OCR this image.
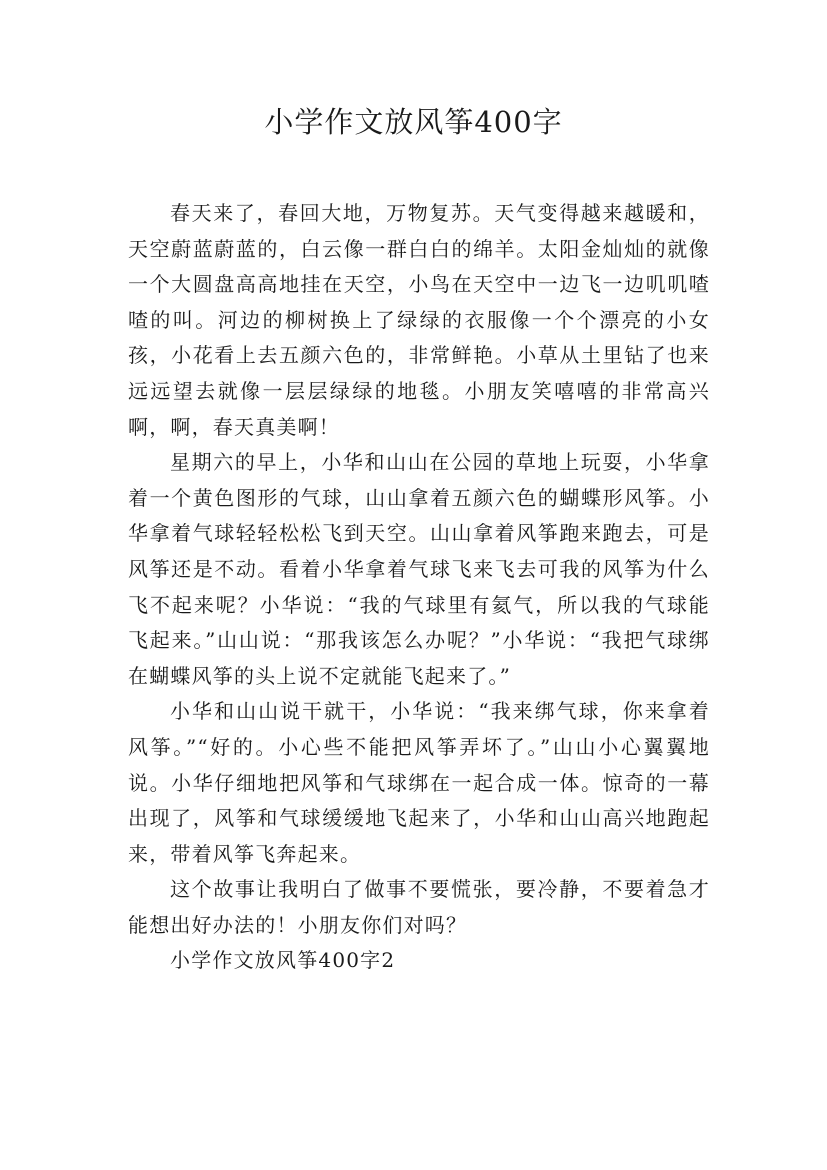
小学作文放风筝400字

春天来了，春回大地，万物复苏。天气变得越来越暖和，天空蔚蓝蔚蓝的，白云像一群白白的绵羊。太阳金灿灿的就像一个大圆盘高高地挂在天空，小鸟在天空中一边飞一边叽叽喳喳的叫。河边的柳树换上了绿绿的衣服像一个个漂亮的小女孩，小花看上去五颜六色的，非常鲜艳。小草从土里钻了也来远远望去就像一层层绿绿的地毯。小朋友笑嘻嘻的非常高兴啊，啊，春天真美啊！

星期六的早上，小华和山山在公园的草地上玩耍，小华拿着一个黄色图形的气球，山山拿着五颜六色的蝴蝶形风筝。小华拿着气球轻轻松松飞到天空。山山拿着风筝跑来跑去，可是风筝还是不动。看着小华拿着气球飞来飞去可我的风筝为什么飞不起来呢？小华说：“我的气球里有氦气，所以我的气球能飞起来。”山山说：“那我该怎么办呢？”小华说：“我把气球绑在蝴蝶风筝的头上说不定就能飞起来了。”

小华和山山说干就干，小华说：“我来绑气球，你来拿着风筝。”“好的。小心些不能把风筝弄坏了。”山山小心翼翼地说。小华仔细地把风筝和气球绑在一起合成一体。惊奇的一幕出现了，风筝和气球缓缓地飞起来了，小华和山山高兴地跑起来，带着风筝飞奔起来。

这个故事让我明白了做事不要慌张，要冷静，不要着急才能想出好办法的！小朋友你们对吗？

小学作文放风筝400字2
